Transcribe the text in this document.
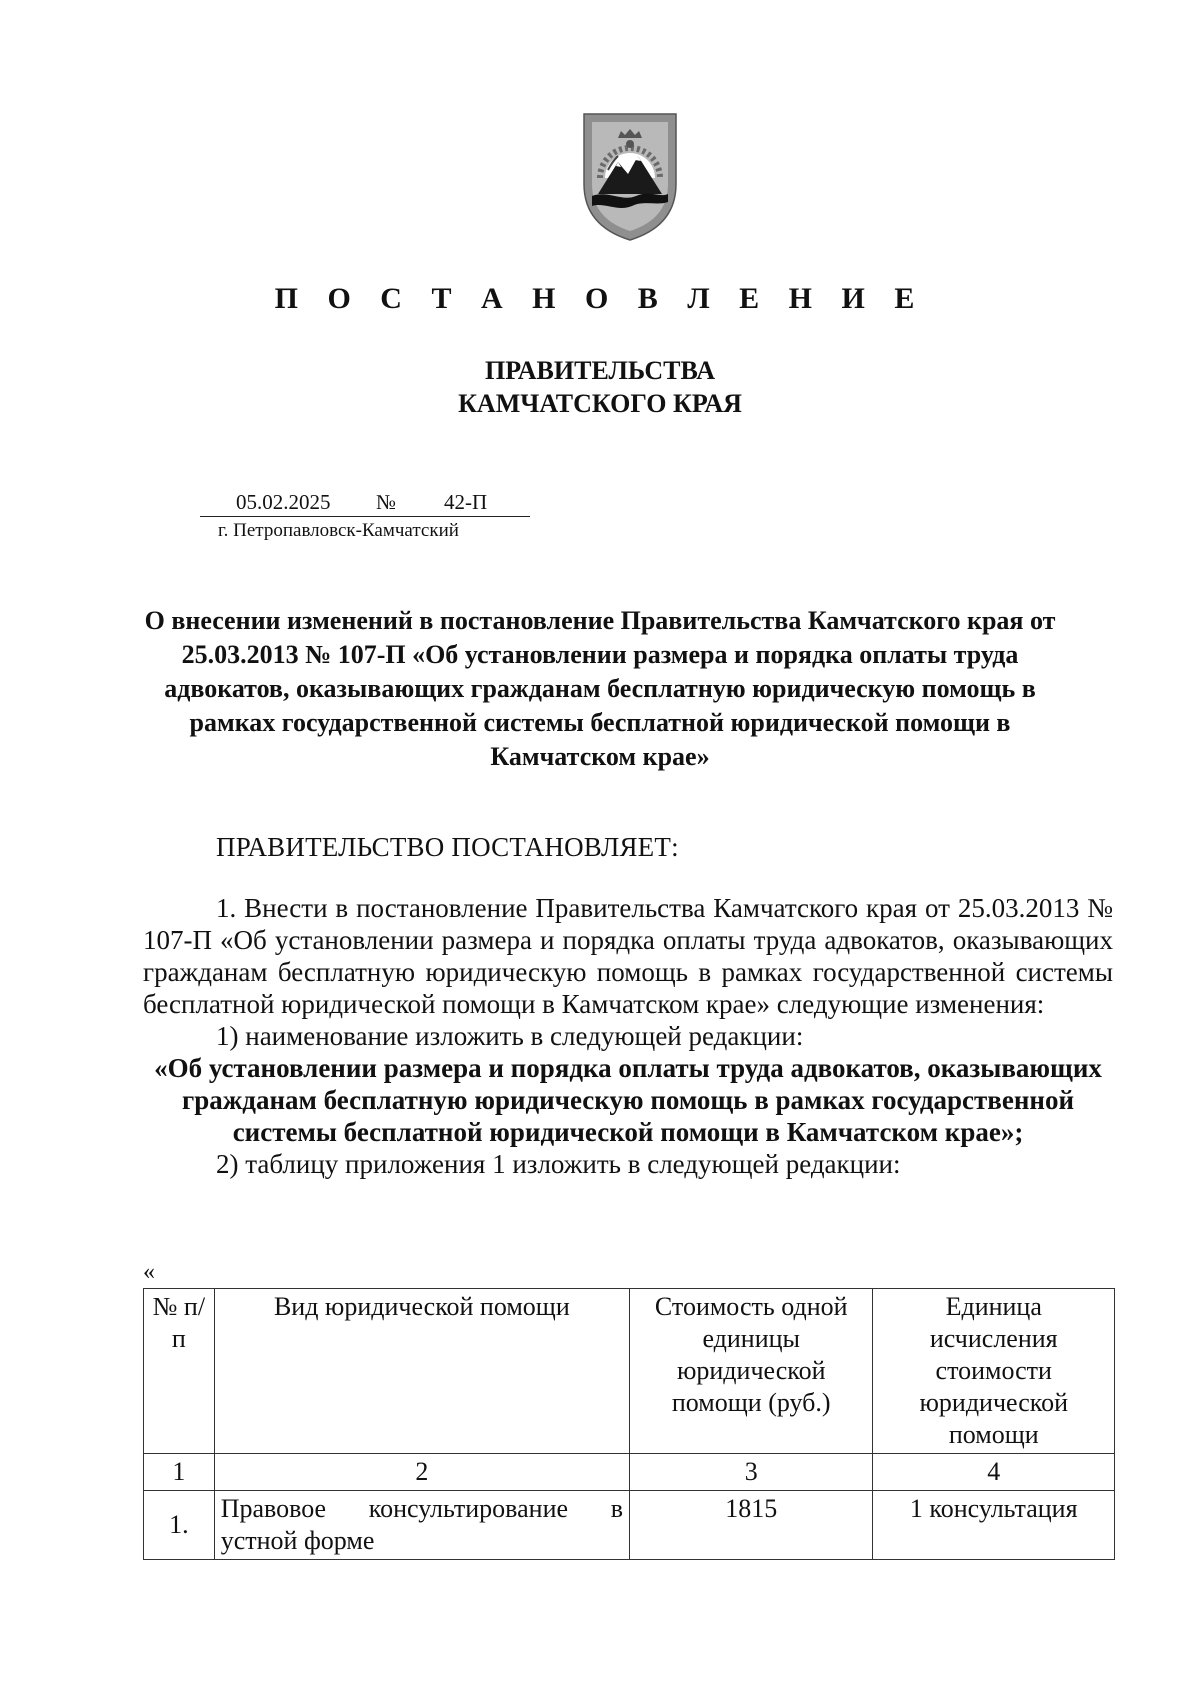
П О С Т А Н О В Л Е Н И Е
ПРАВИТЕЛЬСТВА
КАМЧАТСКОГО КРАЯ
05.02.2025 № 42-П
г. Петропавловск-Камчатский
О внесении изменений в постановление Правительства Камчатского края от 25.03.2013 № 107-П «Об установлении размера и порядка оплаты труда адвокатов, оказывающих гражданам бесплатную юридическую помощь в рамках государственной системы бесплатной юридической помощи в Камчатском крае»
ПРАВИТЕЛЬСТВО ПОСТАНОВЛЯЕТ:

1. Внести в постановление Правительства Камчатского края от 25.03.2013 № 107-П «Об установлении размера и порядка оплаты труда адвокатов, оказывающих гражданам бесплатную юридическую помощь в рамках государственной системы бесплатной юридической помощи в Камчатском крае» следующие изменения:

1) наименование изложить в следующей редакции:

«Об установлении размера и порядка оплаты труда адвокатов, оказывающих гражданам бесплатную юридическую помощь в рамках государственной системы бесплатной юридической помощи в Камчатском крае»;

2) таблицу приложения 1 изложить в следующей редакции:

«
№ п/п	Вид юридической помощи	Стоимость одной единицы юридической помощи (руб.)	Единица исчисления стоимости юридической помощи
1	2	3	4
1.	Правовое консультирование в устной форме	1815	1 консультация
